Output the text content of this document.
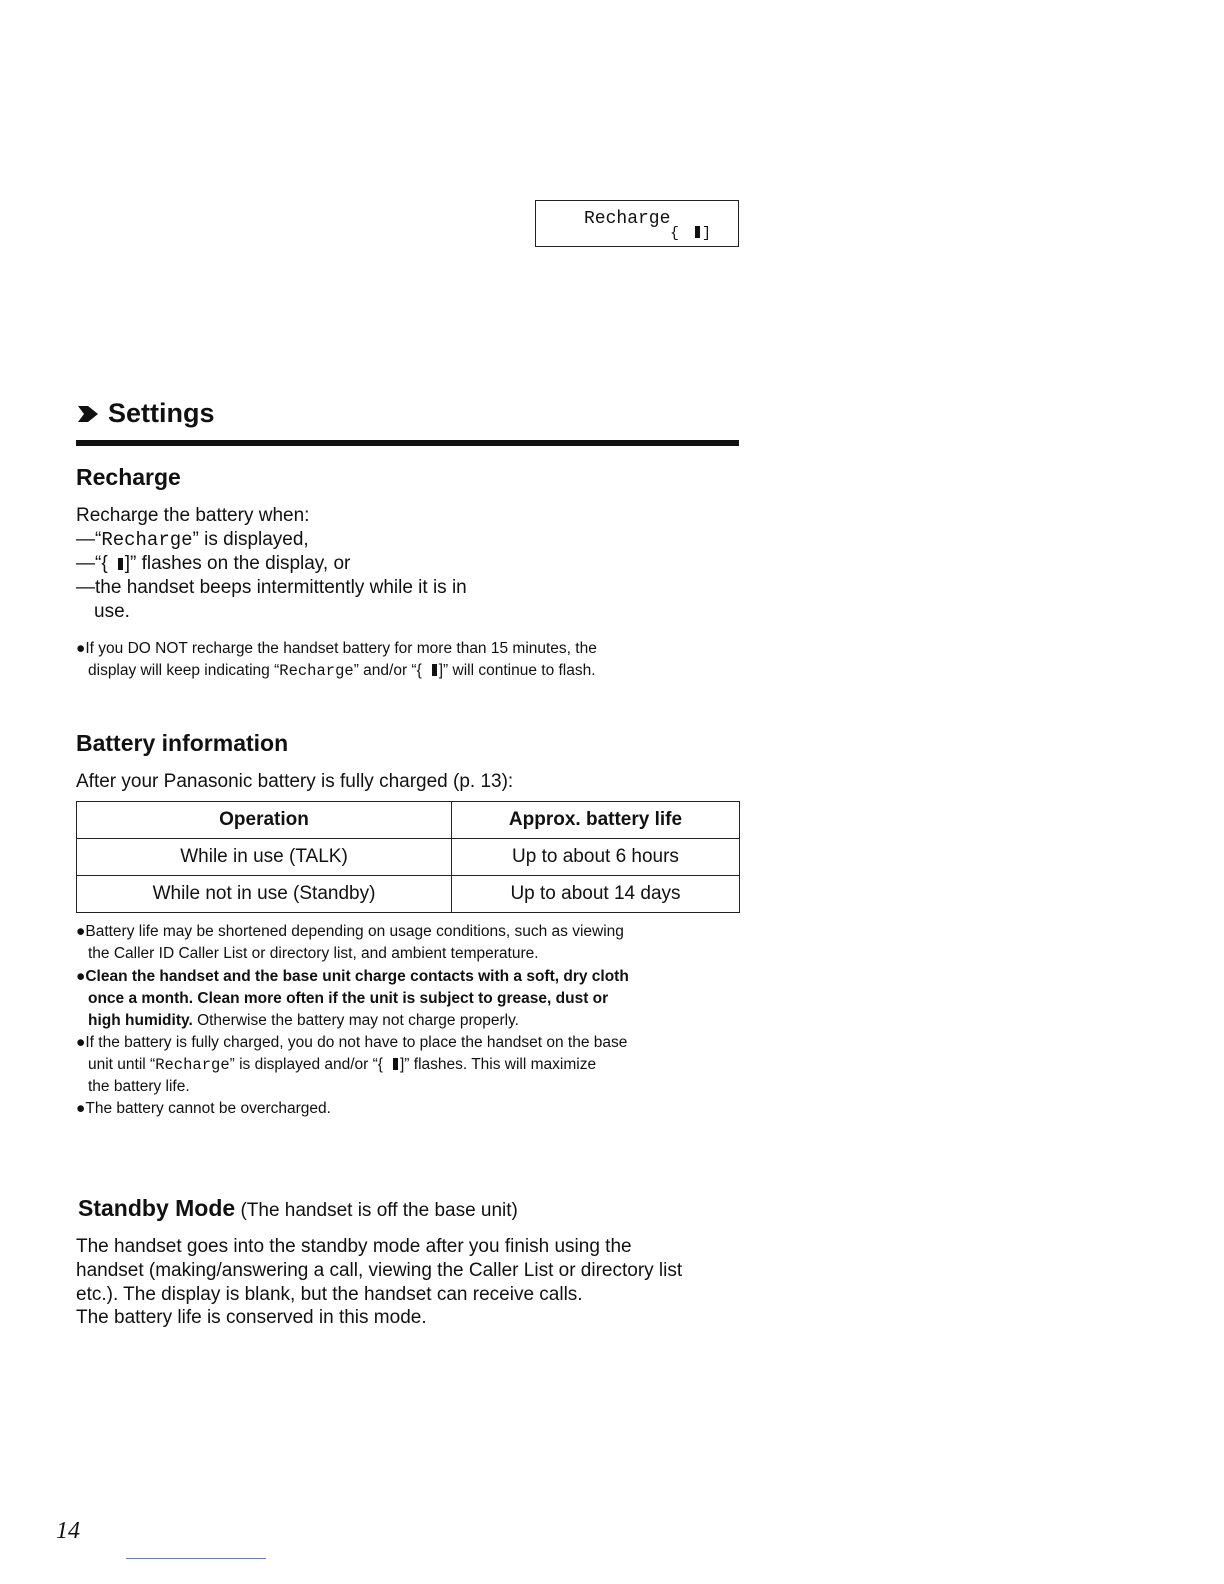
Settings
Recharge
Recharge the battery when:
—“Recharge” is displayed,
—“{ ]” flashes on the display, or
—the handset beeps intermittently while it is in
use.
Recharge
{ ]
●If you DO NOT recharge the handset battery for more than 15 minutes, the
display will keep indicating “Recharge” and/or “{ ]” will continue to flash.
Battery information
After your Panasonic battery is fully charged (p. 13):
Operation	Approx. battery life
While in use (TALK)	Up to about 6 hours
While not in use (Standby)	Up to about 14 days
●Battery life may be shortened depending on usage conditions, such as viewing
the Caller ID Caller List or directory list, and ambient temperature.
●Clean the handset and the base unit charge contacts with a soft, dry cloth
once a month. Clean more often if the unit is subject to grease, dust or
high humidity. Otherwise the battery may not charge properly.
●If the battery is fully charged, you do not have to place the handset on the base
unit until “Recharge” is displayed and/or “{ ]” flashes. This will maximize
the battery life.
●The battery cannot be overcharged.
Standby Mode (The handset is off the base unit)
The handset goes into the standby mode after you finish using the
handset (making/answering a call, viewing the Caller List or directory list
etc.). The display is blank, but the handset can receive calls.
The battery life is conserved in this mode.
14
